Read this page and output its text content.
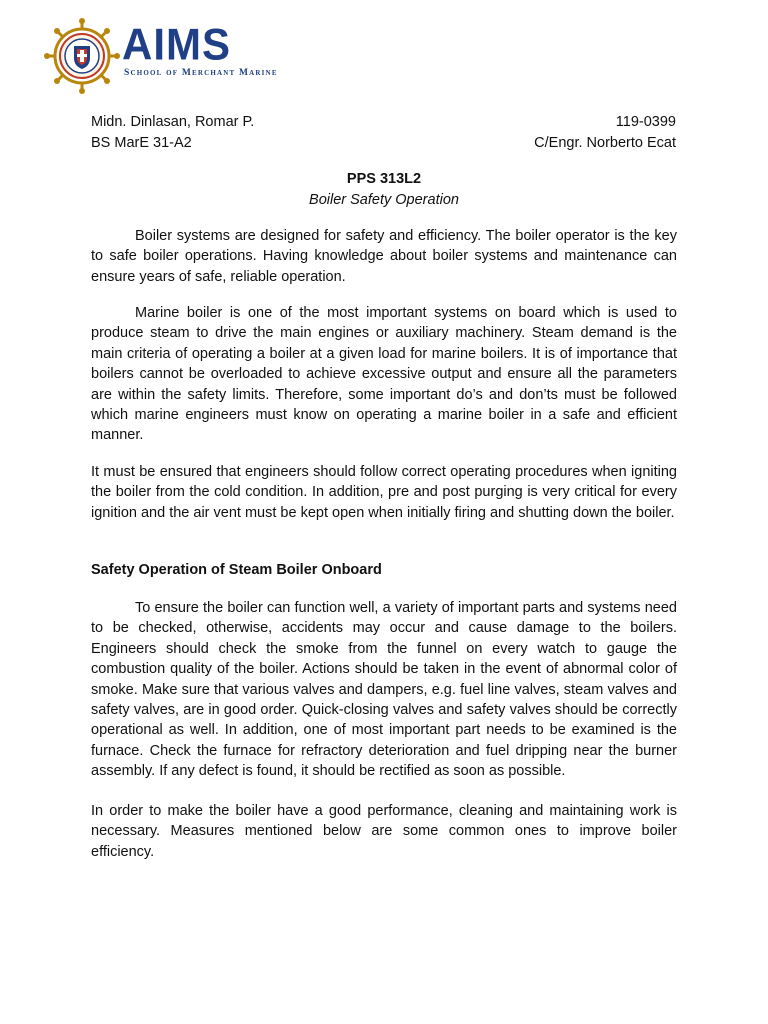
AIMS
School of Merchant Marine
Midn. Dinlasan, Romar P.	119-0399
BS MarE 31-A2	C/Engr. Norberto Ecat
PPS 313L2
Boiler Safety Operation

Boiler systems are designed for safety and efficiency. The boiler operator is the key to safe boiler operations. Having knowledge about boiler systems and maintenance can ensure years of safe, reliable operation.

Marine boiler is one of the most important systems on board which is used to produce steam to drive the main engines or auxiliary machinery. Steam demand is the main criteria of operating a boiler at a given load for marine boilers. It is of importance that boilers cannot be overloaded to achieve excessive output and ensure all the parameters are within the safety limits. Therefore, some important do’s and don’ts must be followed which marine engineers must know on operating a marine boiler in a safe and efficient manner.

It must be ensured that engineers should follow correct operating procedures when igniting the boiler from the cold condition. In addition, pre and post purging is very critical for every ignition and the air vent must be kept open when initially firing and shutting down the boiler.

Safety Operation of Steam Boiler Onboard

To ensure the boiler can function well, a variety of important parts and systems need to be checked, otherwise, accidents may occur and cause damage to the boilers. Engineers should check the smoke from the funnel on every watch to gauge the combustion quality of the boiler. Actions should be taken in the event of abnormal color of smoke. Make sure that various valves and dampers, e.g. fuel line valves, steam valves and safety valves, are in good order. Quick-closing valves and safety valves should be correctly operational as well. In addition, one of most important part needs to be examined is the furnace. Check the furnace for refractory deterioration and fuel dripping near the burner assembly. If any defect is found, it should be rectified as soon as possible.

In order to make the boiler have a good performance, cleaning and maintaining work is necessary. Measures mentioned below are some common ones to improve boiler efficiency.
